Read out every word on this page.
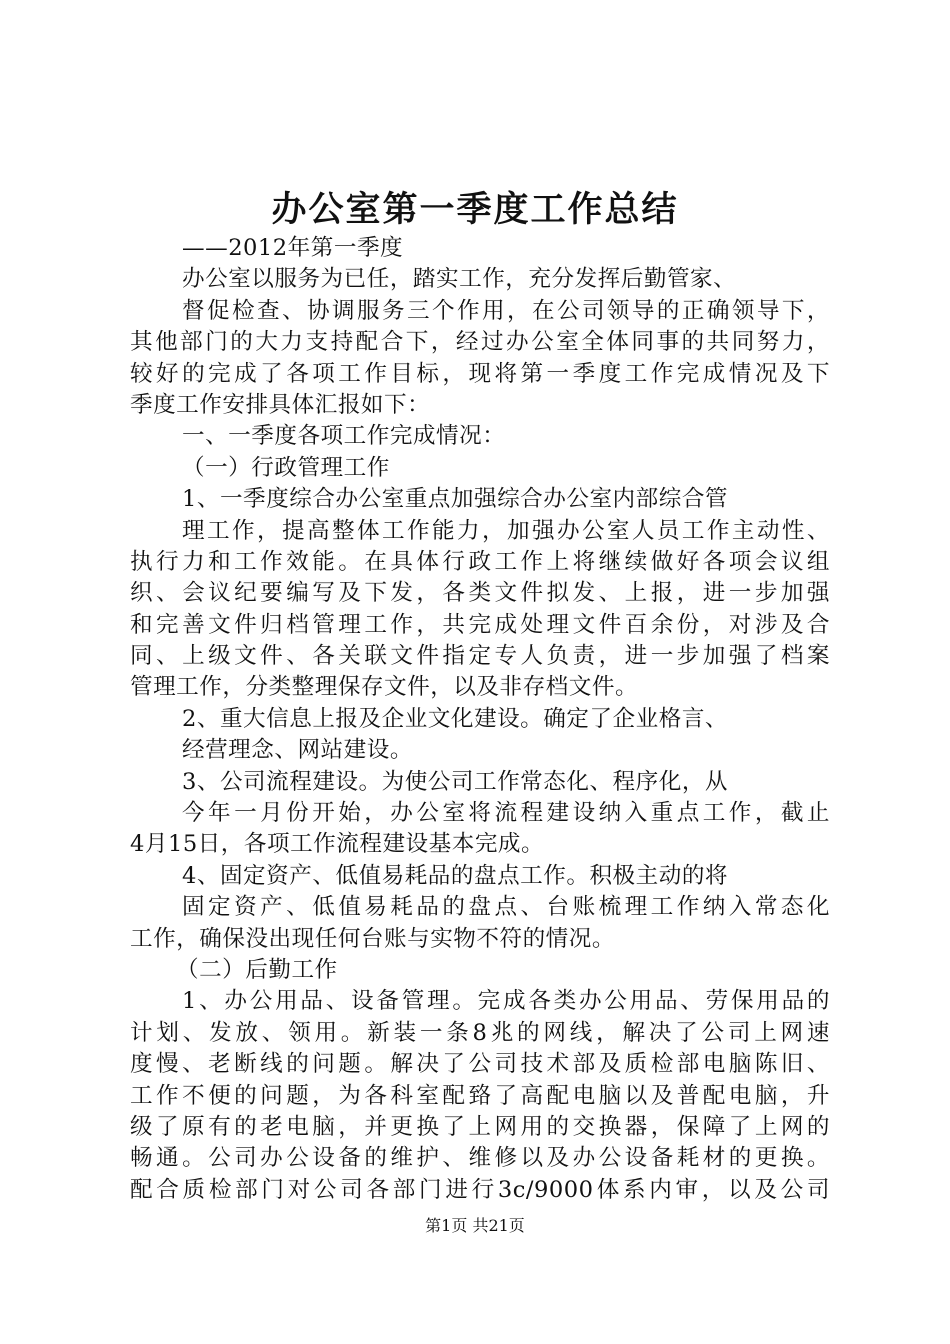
办公室第一季度工作总结
——2012年第一季度
办公室以服务为已任，踏实工作，充分发挥后勤管家、
督促检查、协调服务三个作用，在公司领导的正确领导下，
其他部门的大力支持配合下，经过办公室全体同事的共同努力，
较好的完成了各项工作目标，现将第一季度工作完成情况及下
季度工作安排具体汇报如下：
一、一季度各项工作完成情况：
（一）行政管理工作
1、一季度综合办公室重点加强综合办公室内部综合管
理工作，提高整体工作能力，加强办公室人员工作主动性、
执行力和工作效能。在具体行政工作上将继续做好各项会议组
织、会议纪要编写及下发，各类文件拟发、上报，进一步加强
和完善文件归档管理工作，共完成处理文件百余份，对涉及合
同、上级文件、各关联文件指定专人负责，进一步加强了档案
管理工作，分类整理保存文件，以及非存档文件。
2、重大信息上报及企业文化建设。确定了企业格言、
经营理念、网站建设。
3、公司流程建设。为使公司工作常态化、程序化，从
今年一月份开始，办公室将流程建设纳入重点工作，截止
4月15日，各项工作流程建设基本完成。
4、固定资产、低值易耗品的盘点工作。积极主动的将
固定资产、低值易耗品的盘点、台账梳理工作纳入常态化
工作，确保没出现任何台账与实物不符的情况。
（二）后勤工作
1、办公用品、设备管理。完成各类办公用品、劳保用品的
计划、发放、领用。新装一条8兆的网线，解决了公司上网速
度慢、老断线的问题。解决了公司技术部及质检部电脑陈旧、
工作不便的问题，为各科室配臵了高配电脑以及普配电脑，升
级了原有的老电脑，并更换了上网用的交换器，保障了上网的
畅通。公司办公设备的维护、维修以及办公设备耗材的更换。
配合质检部门对公司各部门进行3c/9000体系内审，以及公司
第1页 共21页
